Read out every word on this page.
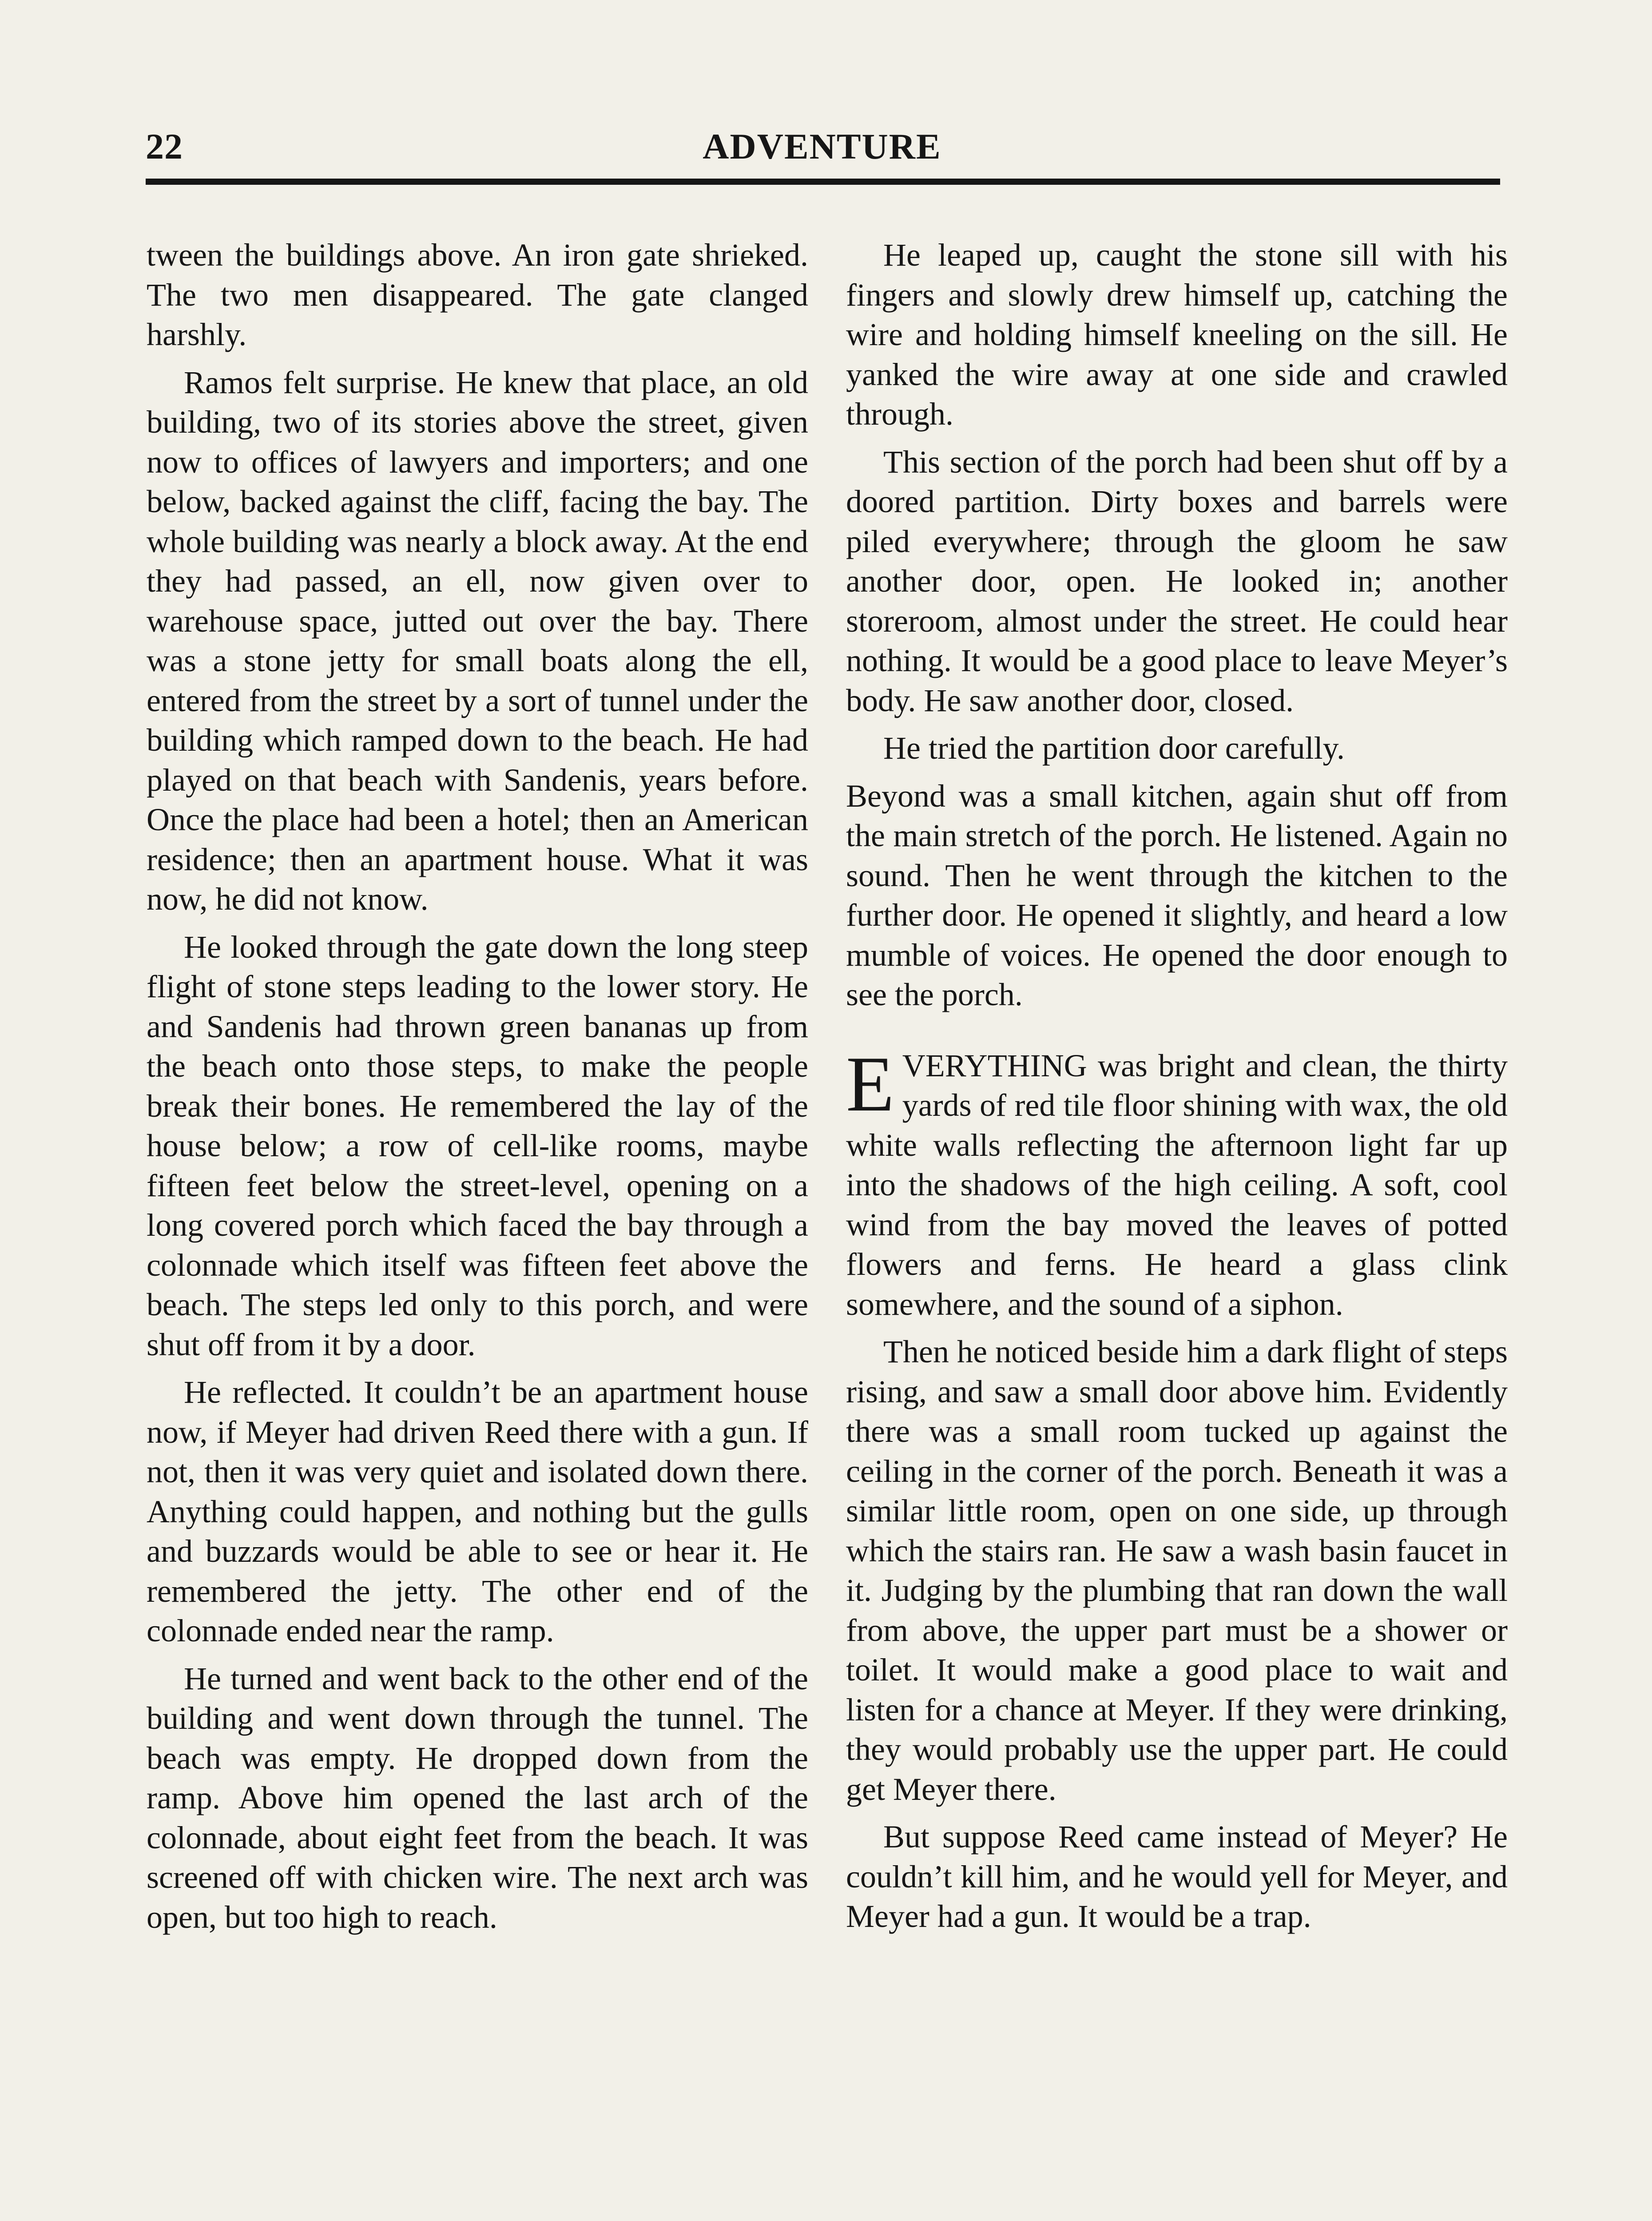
22	ADVENTURE

tween the buildings above. An iron gate shrieked. The two men disappeared. The gate clanged harshly.

Ramos felt surprise. He knew that place, an old building, two of its stories above the street, given now to offices of lawyers and importers; and one below, backed against the cliff, facing the bay. The whole building was nearly a block away. At the end they had passed, an ell, now given over to warehouse space, jutted out over the bay. There was a stone jetty for small boats along the ell, entered from the street by a sort of tunnel under the building which ramped down to the beach. He had played on that beach with Sandenis, years before. Once the place had been a hotel; then an American residence; then an apartment house. What it was now, he did not know.

He looked through the gate down the long steep flight of stone steps leading to the lower story. He and Sandenis had thrown green bananas up from the beach onto those steps, to make the people break their bones. He remembered the lay of the house below; a row of cell-like rooms, maybe fifteen feet below the street-level, opening on a long covered porch which faced the bay through a colonnade which itself was fifteen feet above the beach. The steps led only to this porch, and were shut off from it by a door.

He reflected. It couldn’t be an apartment house now, if Meyer had driven Reed there with a gun. If not, then it was very quiet and isolated down there. Anything could happen, and nothing but the gulls and buzzards would be able to see or hear it. He remembered the jetty. The other end of the colonnade ended near the ramp.

He turned and went back to the other end of the building and went down through the tunnel. The beach was empty. He dropped down from the ramp. Above him opened the last arch of the colonnade, about eight feet from the beach. It was screened off with chicken wire. The next arch was open, but too high to reach.

He leaped up, caught the stone sill with his fingers and slowly drew himself up, catching the wire and holding himself kneeling on the sill. He yanked the wire away at one side and crawled through.

This section of the porch had been shut off by a doored partition. Dirty boxes and barrels were piled everywhere; through the gloom he saw another door, open. He looked in; another storeroom, almost under the street. He could hear nothing. It would be a good place to leave Meyer’s body. He saw another door, closed.

He tried the partition door carefully.

Beyond was a small kitchen, again shut off from the main stretch of the porch. He listened. Again no sound. Then he went through the kitchen to the further door. He opened it slightly, and heard a low mumble of voices. He opened the door enough to see the porch.

EVERYTHING was bright and clean, the thirty yards of red tile floor shining with wax, the old white walls reflecting the afternoon light far up into the shadows of the high ceiling. A soft, cool wind from the bay moved the leaves of potted flowers and ferns. He heard a glass clink somewhere, and the sound of a siphon.

Then he noticed beside him a dark flight of steps rising, and saw a small door above him. Evidently there was a small room tucked up against the ceiling in the corner of the porch. Beneath it was a similar little room, open on one side, up through which the stairs ran. He saw a wash basin faucet in it. Judging by the plumbing that ran down the wall from above, the upper part must be a shower or toilet. It would make a good place to wait and listen for a chance at Meyer. If they were drinking, they would probably use the upper part. He could get Meyer there.

But suppose Reed came instead of Meyer? He couldn’t kill him, and he would yell for Meyer, and Meyer had a gun. It would be a trap.
